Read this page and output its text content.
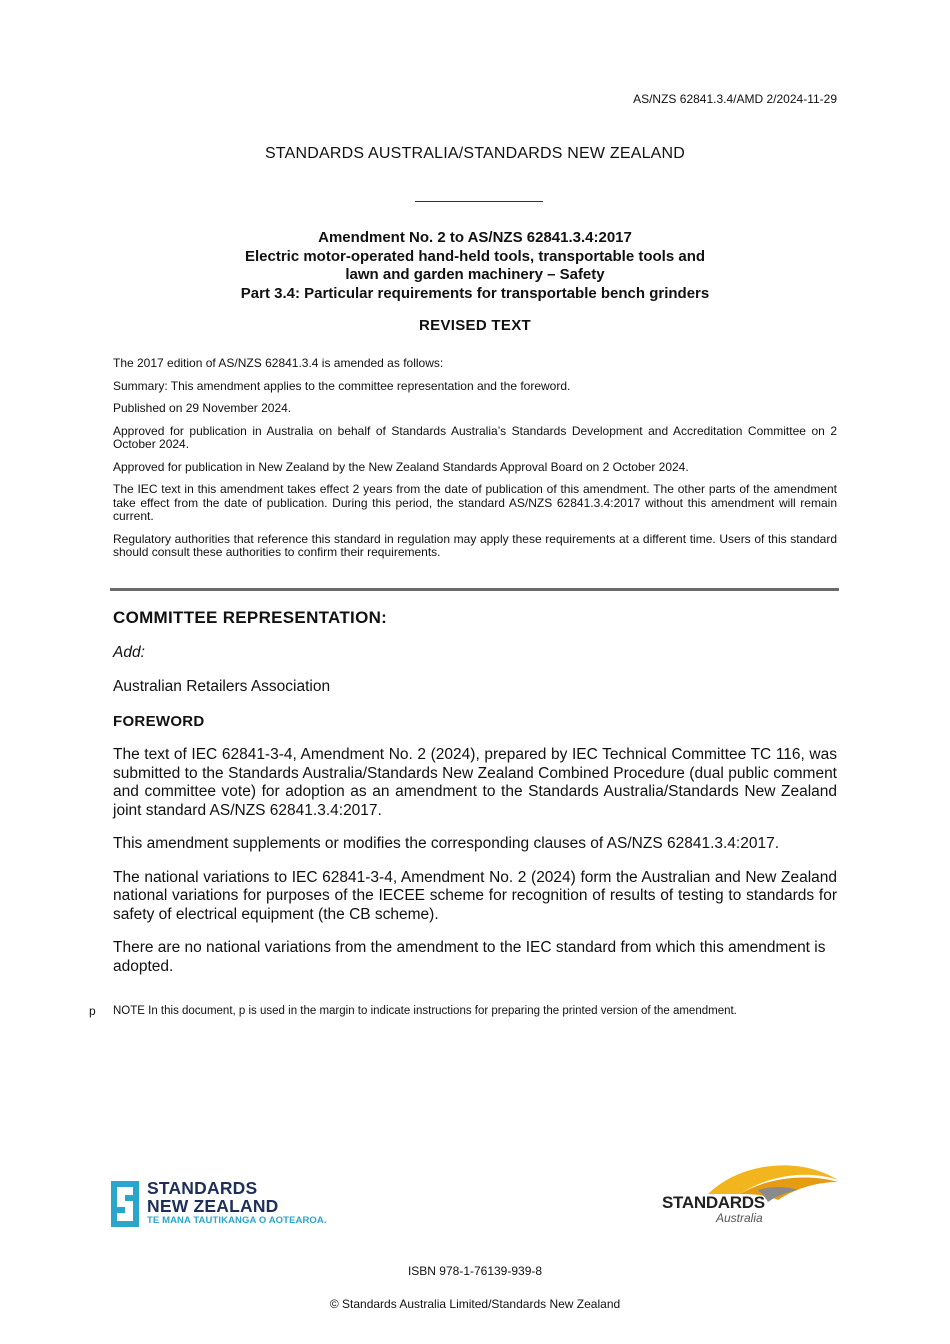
AS/NZS 62841.3.4/AMD 2/2024-11-29
STANDARDS AUSTRALIA/STANDARDS NEW ZEALAND
Amendment No. 2 to AS/NZS 62841.3.4:2017
Electric motor-operated hand-held tools, transportable tools and
lawn and garden machinery – Safety
Part 3.4: Particular requirements for transportable bench grinders
REVISED TEXT

The 2017 edition of AS/NZS 62841.3.4 is amended as follows:

Summary: This amendment applies to the committee representation and the foreword.

Published on 29 November 2024.

Approved for publication in Australia on behalf of Standards Australia’s Standards Development and Accreditation Committee on 2 October 2024.

Approved for publication in New Zealand by the New Zealand Standards Approval Board on 2 October 2024.

The IEC text in this amendment takes effect 2 years from the date of publication of this amendment. The other parts of the amendment take effect from the date of publication. During this period, the standard AS/NZS 62841.3.4:2017 without this amendment will remain current.

Regulatory authorities that reference this standard in regulation may apply these requirements at a different time. Users of this standard should consult these authorities to confirm their requirements.

COMMITTEE REPRESENTATION:
Add:
Australian Retailers Association
FOREWORD

The text of IEC 62841-3-4, Amendment No. 2 (2024), prepared by IEC Technical Committee TC 116, was submitted to the Standards Australia/Standards New Zealand Combined Procedure (dual public comment and committee vote) for adoption as an amendment to the Standards Australia/Standards New Zealand joint standard AS/NZS 62841.3.4:2017.

This amendment supplements or modifies the corresponding clauses of AS/NZS 62841.3.4:2017.

The national variations to IEC 62841-3-4, Amendment No. 2 (2024) form the Australian and New Zealand national variations for purposes of the IECEE scheme for recognition of results of testing to standards for safety of electrical equipment (the CB scheme).

There are no national variations from the amendment to the IEC standard from which this amendment is adopted.

p NOTE In this document, p is used in the margin to indicate instructions for preparing the printed version of the amendment.
STANDARDS
NEW ZEALAND
TE MANA TAUTIKANGA O AOTEAROA.
STANDARDS
Australia
ISBN 978-1-76139-939-8
© Standards Australia Limited/Standards New Zealand
